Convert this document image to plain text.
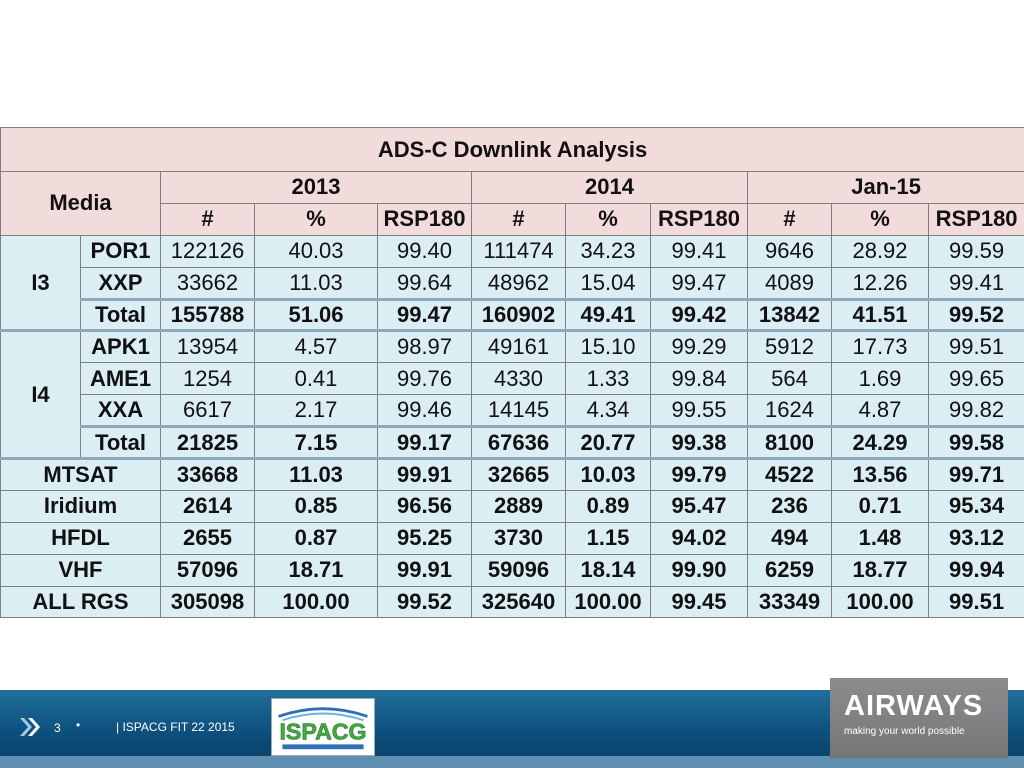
ADS-C Downlink Analysis										
Media		2013			2014			Jan-15		
		#	%	RSP180	#	%	RSP180	#	%	RSP180
I3	POR1	122126	40.03	99.40	111474	34.23	99.41	9646	28.92	99.59
	XXP	33662	11.03	99.64	48962	15.04	99.47	4089	12.26	99.41
	Total	155788	51.06	99.47	160902	49.41	99.42	13842	41.51	99.52
I4	APK1	13954	4.57	98.97	49161	15.10	99.29	5912	17.73	99.51
	AME1	1254	0.41	99.76	4330	1.33	99.84	564	1.69	99.65
	XXA	6617	2.17	99.46	14145	4.34	99.55	1624	4.87	99.82
	Total	21825	7.15	99.17	67636	20.77	99.38	8100	24.29	99.58
MTSAT		33668	11.03	99.91	32665	10.03	99.79	4522	13.56	99.71
Iridium		2614	0.85	96.56	2889	0.89	95.47	236	0.71	95.34
HFDL		2655	0.87	95.25	3730	1.15	94.02	494	1.48	93.12
VHF		57096	18.71	99.91	59096	18.14	99.90	6259	18.77	99.94
ALL RGS		305098	100.00	99.52	325640	100.00	99.45	33349	100.00	99.51
3 •	| ISPACG FIT 22 2015 ISPACG
AIRWAYS
making your world possible
